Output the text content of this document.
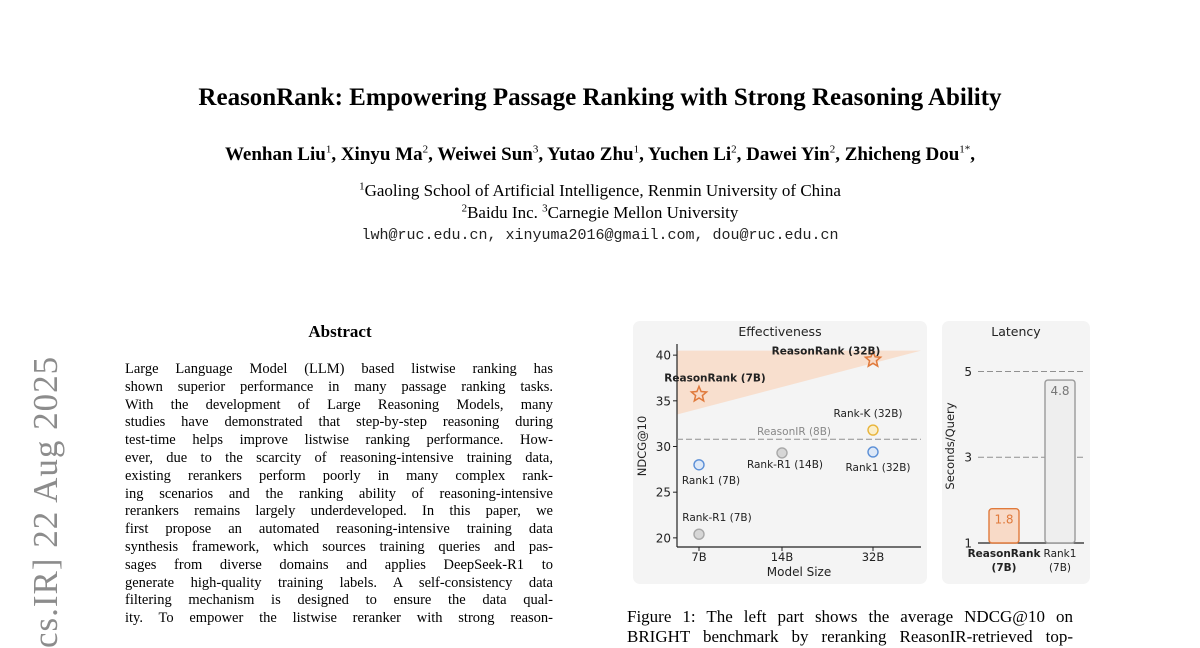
cs.IR] 22 Aug 2025
ReasonRank: Empowering Passage Ranking with Strong Reasoning Ability
Wenhan Liu$^1$, Xinyu Ma$^2$, Weiwei Sun$^3$, Yutao Zhu$^1$, Yuchen Li$^2$, Dawei Yin$^2$, Zhicheng Dou$^{1*}$,
$^1$Gaoling School of Artificial Intelligence, Renmin University of China
$^2$Baidu Inc. $^3$Carnegie Mellon University
lwh@ruc.edu.cn, xinyuma2016@gmail.com, dou@ruc.edu.cn
Abstract
Large Language Model (LLM) based listwise ranking has
shown superior performance in many passage ranking tasks.
With the development of Large Reasoning Models, many
studies have demonstrated that step-by-step reasoning during
test-time helps improve listwise ranking performance. How-
ever, due to the scarcity of reasoning-intensive training data,
existing rerankers perform poorly in many complex rank-
ing scenarios and the ranking ability of reasoning-intensive
rerankers remains largely underdeveloped. In this paper, we
first propose an automated reasoning-intensive training data
synthesis framework, which sources training queries and pas-
sages from diverse domains and applies DeepSeek-R1 to
generate high-quality training labels. A self-consistency data
filtering mechanism is designed to ensure the data qual-
ity. To empower the listwise reranker with strong reason-
Effectiveness
20
25
30
35
40
7B	14B	32B
Model Size
NDCG@10	ReasonIR (8B)
ReasonRank (32B)
ReasonRank (7B)
Rank-K (32B)
Rank1 (32B)
Rank1 (7B)
Rank-R1 (14B)
Rank-R1 (7B)
Latency
1
3
5
Seconds/Query
1.8
ReasonRank
(7B)
4.8
Rank1
(7B)
Figure 1: The left part shows the average NDCG@10 on
BRIGHT benchmark by reranking ReasonIR-retrieved top-
